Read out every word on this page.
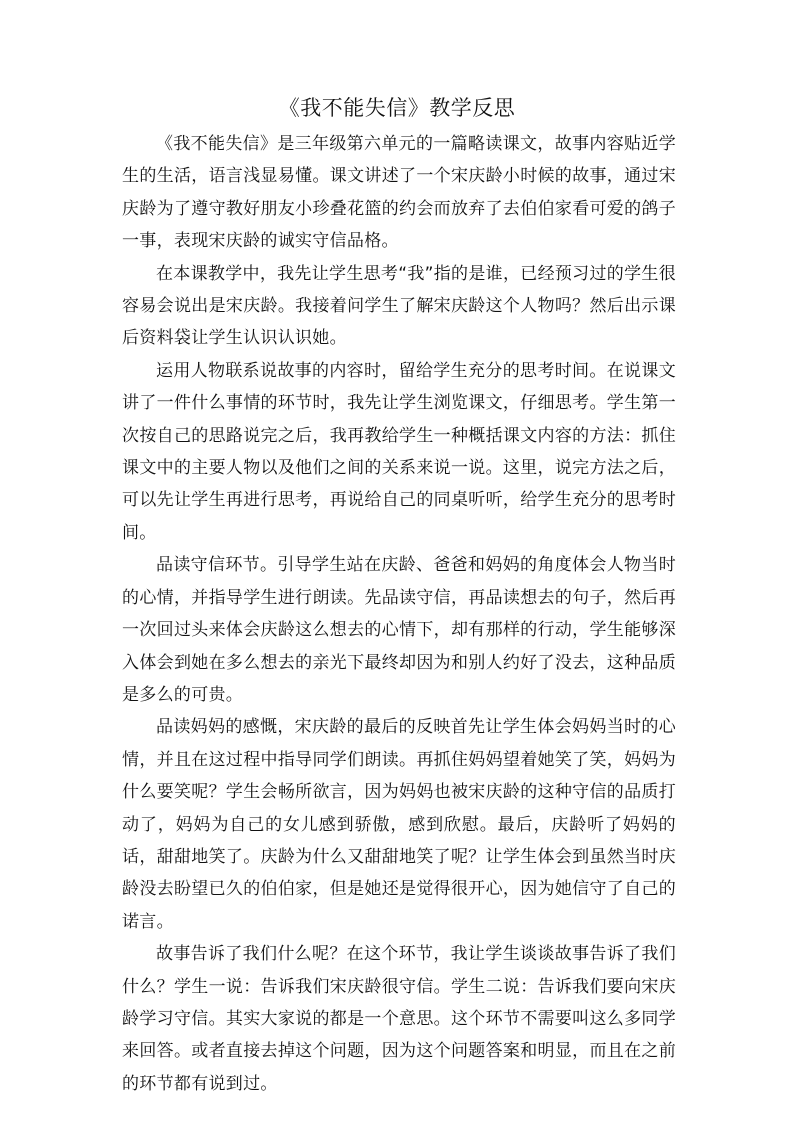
《我不能失信》教学反思

《我不能失信》是三年级第六单元的一篇略读课文，故事内容贴近学生的生活，语言浅显易懂。课文讲述了一个宋庆龄小时候的故事，通过宋庆龄为了遵守教好朋友小珍叠花篮的约会而放弃了去伯伯家看可爱的鸽子一事，表现宋庆龄的诚实守信品格。

在本课教学中，我先让学生思考“我”指的是谁，已经预习过的学生很容易会说出是宋庆龄。我接着问学生了解宋庆龄这个人物吗？然后出示课后资料袋让学生认识认识她。

运用人物联系说故事的内容时，留给学生充分的思考时间。在说课文讲了一件什么事情的环节时，我先让学生浏览课文，仔细思考。学生第一次按自己的思路说完之后，我再教给学生一种概括课文内容的方法：抓住课文中的主要人物以及他们之间的关系来说一说。这里，说完方法之后，可以先让学生再进行思考，再说给自己的同桌听听，给学生充分的思考时间。

品读守信环节。引导学生站在庆龄、爸爸和妈妈的角度体会人物当时的心情，并指导学生进行朗读。先品读守信，再品读想去的句子，然后再一次回过头来体会庆龄这么想去的心情下，却有那样的行动，学生能够深入体会到她在多么想去的亲光下最终却因为和别人约好了没去，这种品质是多么的可贵。

品读妈妈的感慨，宋庆龄的最后的反映首先让学生体会妈妈当时的心情，并且在这过程中指导同学们朗读。再抓住妈妈望着她笑了笑，妈妈为什么要笑呢？学生会畅所欲言，因为妈妈也被宋庆龄的这种守信的品质打动了，妈妈为自己的女儿感到骄傲，感到欣慰。最后，庆龄听了妈妈的话，甜甜地笑了。庆龄为什么又甜甜地笑了呢？让学生体会到虽然当时庆龄没去盼望已久的伯伯家，但是她还是觉得很开心，因为她信守了自己的诺言。

故事告诉了我们什么呢？在这个环节，我让学生谈谈故事告诉了我们什么？学生一说：告诉我们宋庆龄很守信。学生二说：告诉我们要向宋庆龄学习守信。其实大家说的都是一个意思。这个环节不需要叫这么多同学来回答。或者直接去掉这个问题，因为这个问题答案和明显，而且在之前的环节都有说到过。
